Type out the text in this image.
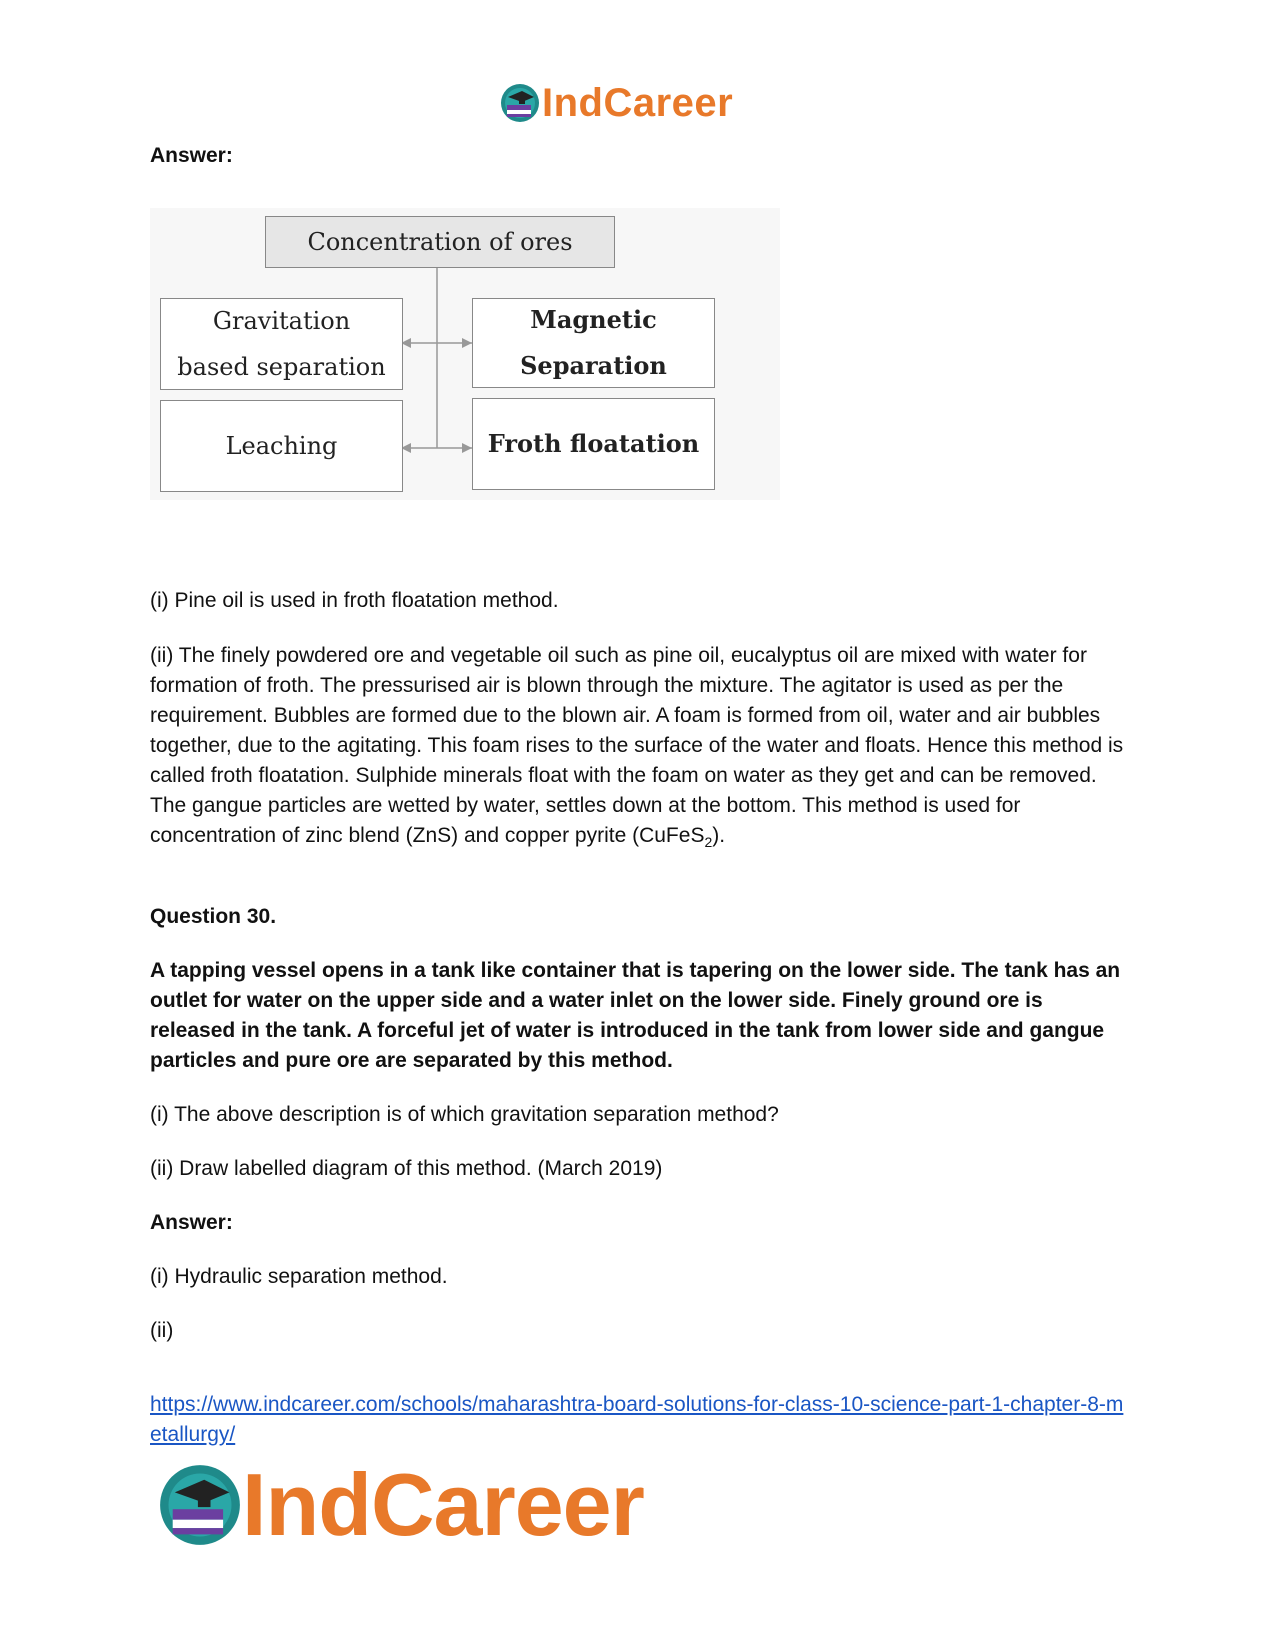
IndCareer
Answer:
Concentration of ores
Gravitation
based separation
Magnetic
Separation
Leaching	Froth floatation
(i) Pine oil is used in froth floatation method.
(ii) The finely powdered ore and vegetable oil such as pine oil, eucalyptus oil are mixed with water for formation of froth. The pressurised air is blown through the mixture. The agitator is used as per the requirement. Bubbles are formed due to the blown air. A foam is formed from oil, water and air bubbles together, due to the agitating. This foam rises to the surface of the water and floats. Hence this method is called froth floatation. Sulphide minerals float with the foam on water as they get and can be removed. The gangue particles are wetted by water, settles down at the bottom. This method is used for concentration of zinc blend (ZnS) and copper pyrite (CuFeS$_2$).
Question 30.
A tapping vessel opens in a tank like container that is tapering on the lower side. The tank has an outlet for water on the upper side and a water inlet on the lower side. Finely ground ore is released in the tank. A forceful jet of water is introduced in the tank from lower side and gangue particles and pure ore are separated by this method.
(i) The above description is of which gravitation separation method?
(ii) Draw labelled diagram of this method. (March 2019)
Answer:
(i) Hydraulic separation method.
(ii)
https://www.indcareer.com/schools/maharashtra-board-solutions-for-class-10-science-part-1-chapter-8-metallurgy/
IndCareer
